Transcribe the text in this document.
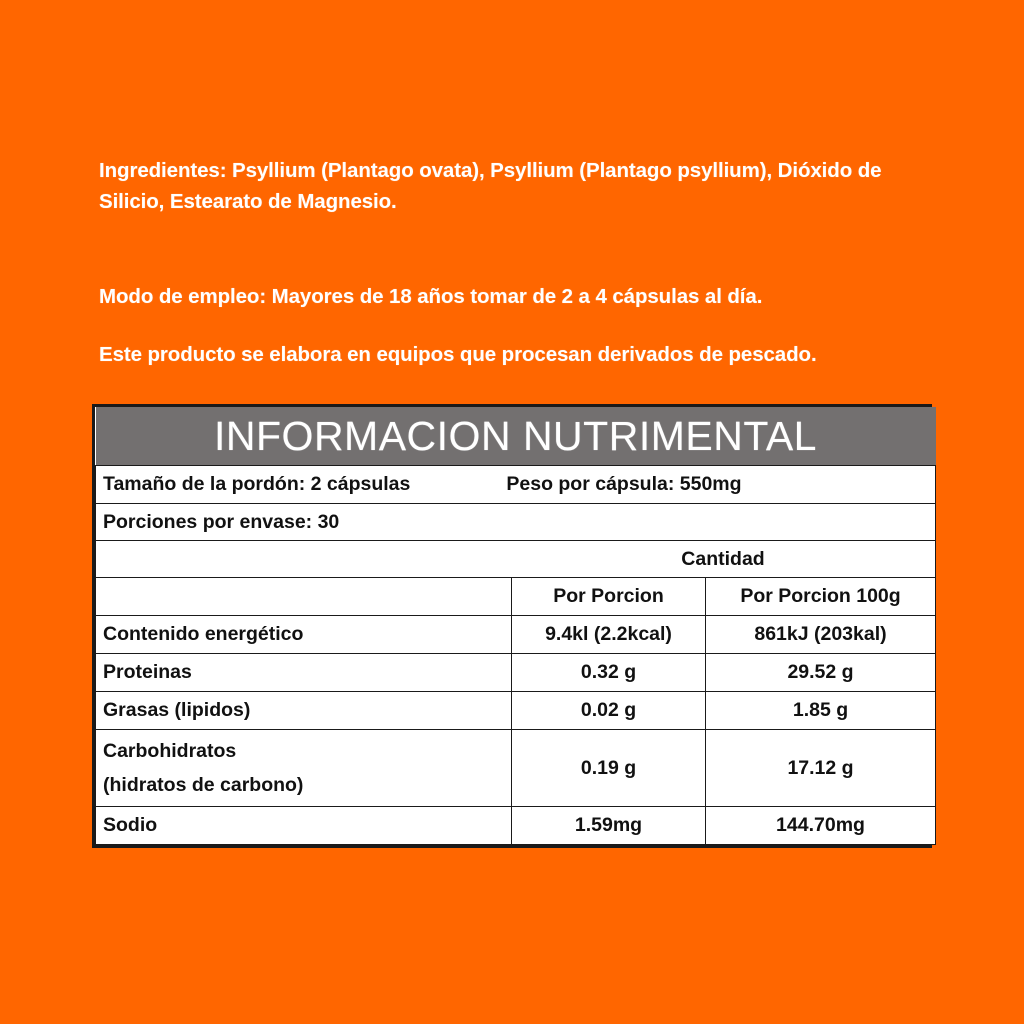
Ingredientes: Psyllium (Plantago ovata), Psyllium (Plantago psyllium), Dióxido de Silicio, Estearato de Magnesio.

Modo de empleo: Mayores de 18 años tomar de 2 a 4 cápsulas al día.

Este producto se elabora en equipos que procesan derivados de pescado.

INFORMACION NUTRIMENTAL		

Tamaño de la pordón: 2 cápsulas Peso por cápsula: 550mg		

Porciones por envase: 30		

Cantidad		

	Por Porcion	Por Porcion 100g
Contenido energético	9.4kl (2.2kcal)	861kJ (203kal)
Proteinas	0.32 g	29.52 g
Grasas (lipidos)	0.02 g	1.85 g
Carbohidratos
(hidratos de carbono)	0.19 g	17.12 g
Sodio	1.59mg	144.70mg
